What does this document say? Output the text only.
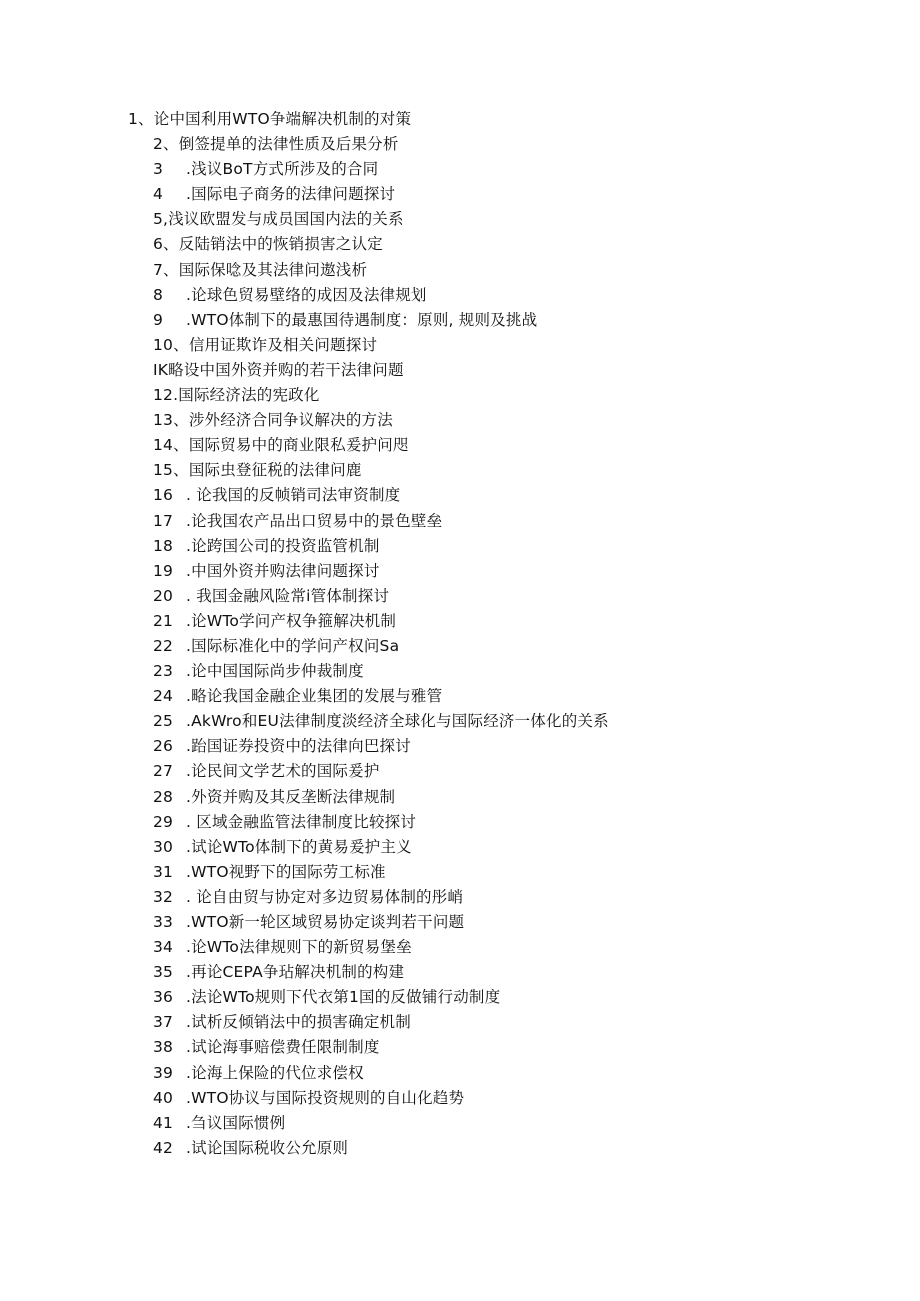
1、论中国利用WTO争端解决机制的对策
2、倒签提单的法律性质及后果分析
3 .浅议BoT方式所涉及的合同
4 .国际电子商务的法律问题探讨
5,浅议欧盟发与成员国国内法的关系
6、反陆销法中的恢销损害之认定
7、国际保唸及其法律问遨浅析
8 .论球色贸易壁络的成因及法律规划
9 .WTO体制下的最惠国待遇制度：原则, 规则及挑战
10、信用证欺诈及相关问题探讨
IK略设中国外资并购的若干法律问题
12.国际经济法的宪政化
13、涉外经济合同争议解决的方法
14、国际贸易中的商业限私爰护问咫
15、国际虫登征税的法律问鹿
16 . 论我国的反帧销司法审资制度
17 .论我国农产品出口贸易中的景色壁垒
18 .论跨国公司的投资监管机制
19 .中国外资并购法律问题探讨
20 . 我国金融风险常i管体制探讨
21 .论WTo学问产权争箍解决机制
22 .国际标准化中的学问产权问Sa
23 .论中国国际尚步仲裁制度
24 .略论我国金融企业集团的发展与雅管
25 .AkWro和EU法律制度淡经济全球化与国际经济一体化的关系
26 .跆国证券投资中的法律向巴探讨
27 .论民间文学艺术的国际爰护
28 .外资并购及其反垄断法律规制
29 . 区域金融监管法律制度比较探讨
30 .试论WTo体制下的黄易爰护主义
31 .WTO视野下的国际劳工标准
32 . 论自由贸与协定对多边贸易体制的彤峭
33 .WTO新一轮区域贸易协定谈判若干问题
34 .论WTo法律规则下的新贸易堡垒
35 .再论CEPA争玷解决机制的构建
36 .法论WTo规则下代衣第1国的反做铺行动制度
37 .试析反倾销法中的损害确定机制
38 .试论海事赔偿费任限制制度
39 .论海上保险的代位求偿权
40 .WTO协议与国际投资规则的自山化趋势
41 .刍议国际惯例
42 .试论国际税收公允原则
